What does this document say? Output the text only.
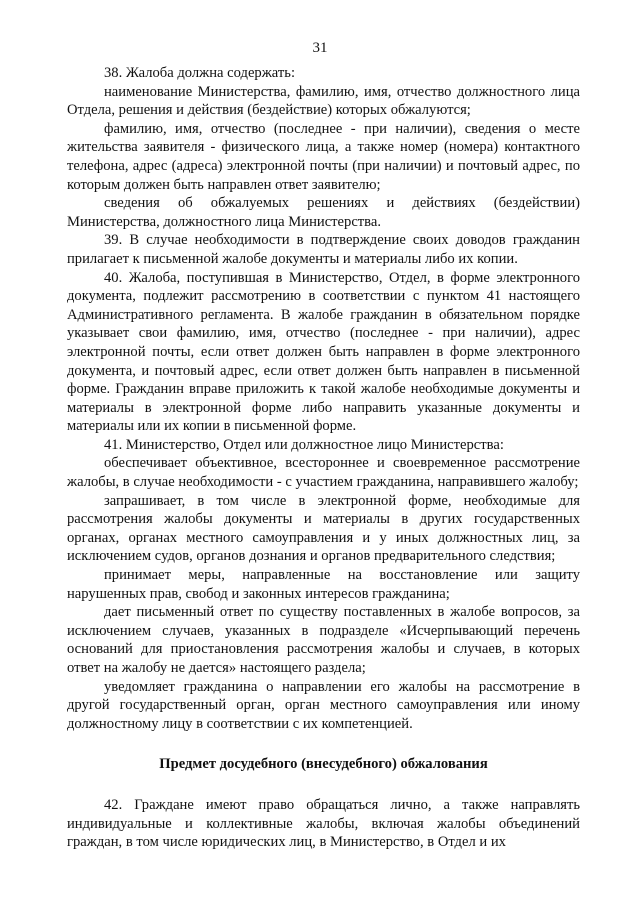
31

38. Жалоба должна содержать:

наименование Министерства, фамилию, имя, отчество должностного лица Отдела, решения и действия (бездействие) которых обжалуются;

фамилию, имя, отчество (последнее - при наличии), сведения о месте жительства заявителя - физического лица, а также номер (номера) контактного телефона, адрес (адреса) электронной почты (при наличии) и почтовый адрес, по которым должен быть направлен ответ заявителю;

сведения об обжалуемых решениях и действиях (бездействии) Министерства, должностного лица Министерства.

39. В случае необходимости в подтверждение своих доводов гражданин прилагает к письменной жалобе документы и материалы либо их копии.

40. Жалоба, поступившая в Министерство, Отдел, в форме электронного документа, подлежит рассмотрению в соответствии с пунктом 41 настоящего Административного регламента. В жалобе гражданин в обязательном порядке указывает свои фамилию, имя, отчество (последнее - при наличии), адрес электронной почты, если ответ должен быть направлен в форме электронного документа, и почтовый адрес, если ответ должен быть направлен в письменной форме. Гражданин вправе приложить к такой жалобе необходимые документы и материалы в электронной форме либо направить указанные документы и материалы или их копии в письменной форме.

41. Министерство, Отдел или должностное лицо Министерства:

обеспечивает объективное, всестороннее и своевременное рассмотрение жалобы, в случае необходимости - с участием гражданина, направившего жалобу;

запрашивает, в том числе в электронной форме, необходимые для рассмотрения жалобы документы и материалы в других государственных органах, органах местного самоуправления и у иных должностных лиц, за исключением судов, органов дознания и органов предварительного следствия;

принимает меры, направленные на восстановление или защиту нарушенных прав, свобод и законных интересов гражданина;

дает письменный ответ по существу поставленных в жалобе вопросов, за исключением случаев, указанных в подразделе «Исчерпывающий перечень оснований для приостановления рассмотрения жалобы и случаев, в которых ответ на жалобу не дается» настоящего раздела;

уведомляет гражданина о направлении его жалобы на рассмотрение в другой государственный орган, орган местного самоуправления или иному должностному лицу в соответствии с их компетенцией.

Предмет досудебного (внесудебного) обжалования

42. Граждане имеют право обращаться лично, а также направлять индивидуальные и коллективные жалобы, включая жалобы объединений граждан, в том числе юридических лиц, в Министерство, в Отдел и их
